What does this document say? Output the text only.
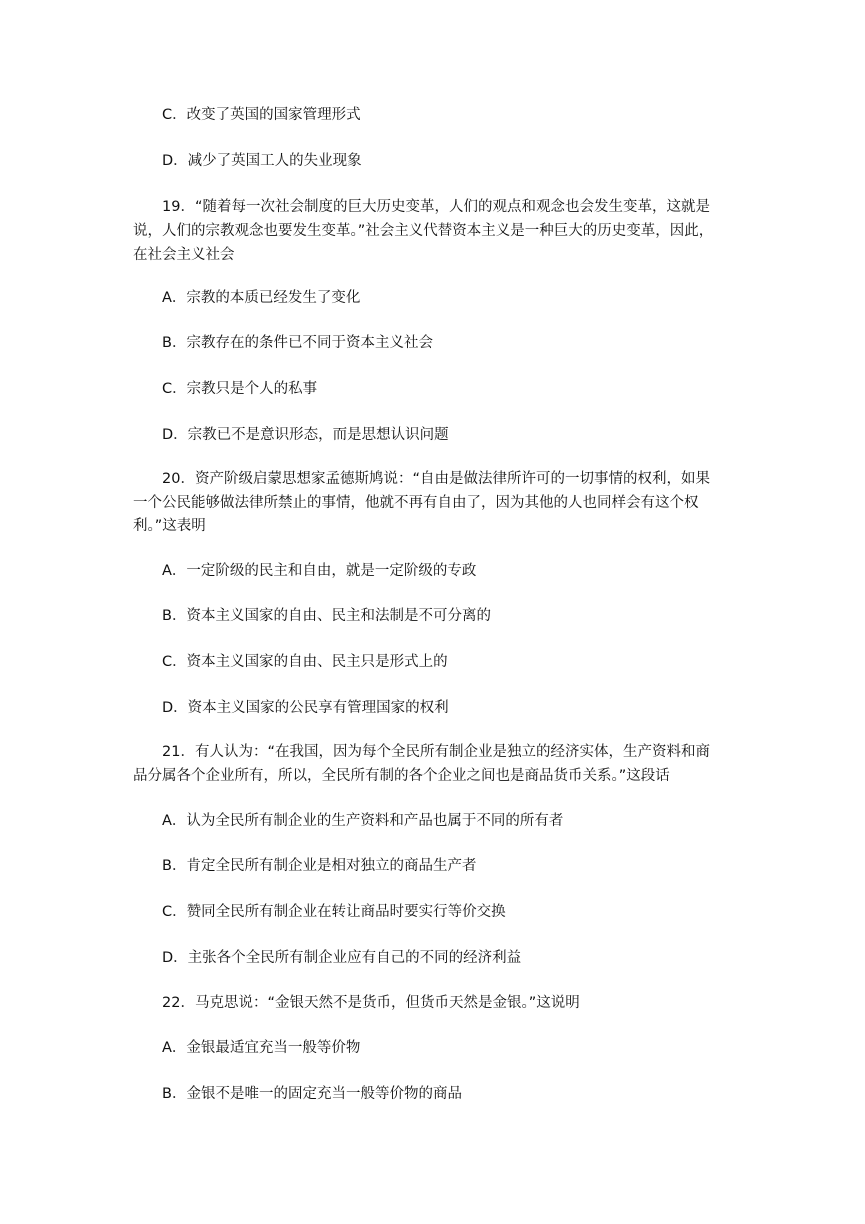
C．改变了英国的国家管理形式
D．减少了英国工人的失业现象
19．“随着每一次社会制度的巨大历史变革，人们的观点和观念也会发生变革，这就是
说，人们的宗教观念也要发生变革。”社会主义代替资本主义是一种巨大的历史变革，因此，
在社会主义社会
A．宗教的本质已经发生了变化
B．宗教存在的条件已不同于资本主义社会
C．宗教只是个人的私事
D．宗教已不是意识形态，而是思想认识问题
20．资产阶级启蒙思想家孟德斯鸠说：“自由是做法律所许可的一切事情的权利，如果
一个公民能够做法律所禁止的事情，他就不再有自由了，因为其他的人也同样会有这个权
利。”这表明
A．一定阶级的民主和自由，就是一定阶级的专政
B．资本主义国家的自由、民主和法制是不可分离的
C．资本主义国家的自由、民主只是形式上的
D．资本主义国家的公民享有管理国家的权利
21．有人认为：“在我国，因为每个全民所有制企业是独立的经济实体，生产资料和商
品分属各个企业所有，所以，全民所有制的各个企业之间也是商品货币关系。”这段话
A．认为全民所有制企业的生产资料和产品也属于不同的所有者
B．肯定全民所有制企业是相对独立的商品生产者
C．赞同全民所有制企业在转让商品时要实行等价交换
D．主张各个全民所有制企业应有自己的不同的经济利益
22．马克思说：“金银天然不是货币，但货币天然是金银。”这说明
A．金银最适宜充当一般等价物
B．金银不是唯一的固定充当一般等价物的商品
